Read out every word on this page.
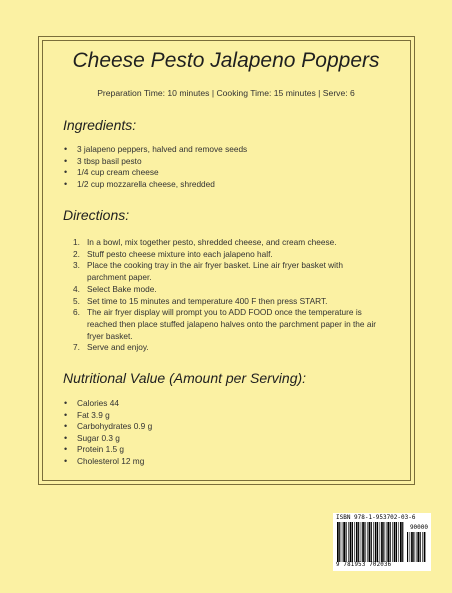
Cheese Pesto Jalapeno Poppers
Preparation Time: 10 minutes | Cooking Time: 15 minutes | Serve: 6
Ingredients:
• 3 jalapeno peppers, halved and remove seeds
• 3 tbsp basil pesto
• 1/4 cup cream cheese
• 1/2 cup mozzarella cheese, shredded
Directions:
1. In a bowl, mix together pesto, shredded cheese, and cream cheese.
2. Stuff pesto cheese mixture into each jalapeno half.
3. Place the cooking tray in the air fryer basket. Line air fryer basket with parchment paper.
4. Select Bake mode.
5. Set time to 15 minutes and temperature 400 F then press START.
6. The air fryer display will prompt you to ADD FOOD once the temperature is reached then place stuffed jalapeno halves onto the parchment paper in the air fryer basket.
7. Serve and enjoy.
Nutritional Value (Amount per Serving):
• Calories 44
• Fat 3.9 g
• Carbohydrates 0.9 g
• Sugar 0.3 g
• Protein 1.5 g
• Cholesterol 12 mg
ISBN 978-1-953702-03-6
90000
9 781953 702036
